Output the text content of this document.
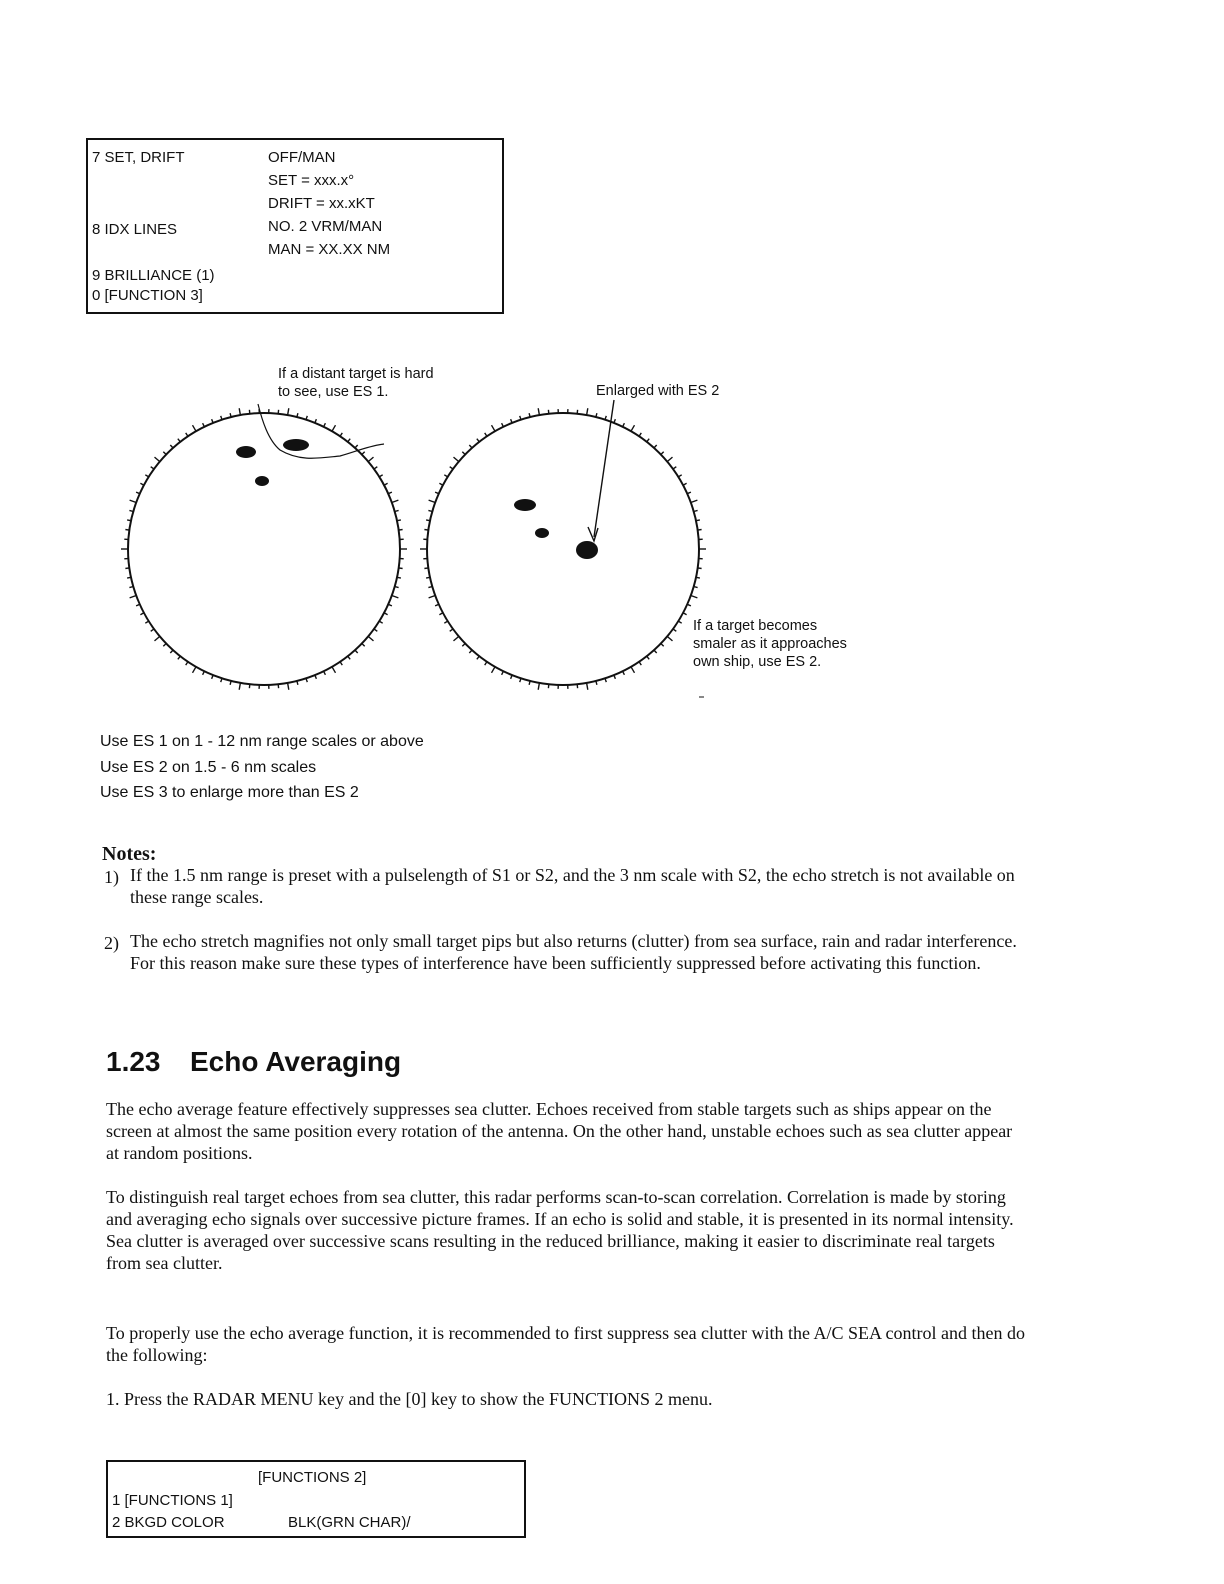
7 SET, DRIFT	OFF/MAN
SET = xxx.x°
DRIFT = xx.xKT
8 IDX LINES	NO. 2 VRM/MAN
MAN = XX.XX NM
9 BRILLIANCE (1)
0 [FUNCTION 3]
If a distant target is hard
to see, use ES 1.	Enlarged with ES 2
If a target becomes
smaler as it approaches
own ship, use ES 2.
Use ES 1 on 1 - 12 nm range scales or above
Use ES 2 on 1.5 - 6 nm scales
Use ES 3 to enlarge more than ES 2
Notes:
1) If the 1.5 nm range is preset with a pulselength of S1 or S2, and the 3 nm scale with S2, the echo stretch is not available on these range scales.
2) The echo stretch magnifies not only small target pips but also returns (clutter) from sea surface, rain and radar interference. For this reason make sure these types of interference have been sufficiently suppressed before activating this function.
1.23 Echo Averaging
The echo average feature effectively suppresses sea clutter. Echoes received from stable targets such as ships appear on the screen at almost the same position every rotation of the antenna. On the other hand, unstable echoes such as sea clutter appear at random positions.
To distinguish real target echoes from sea clutter, this radar performs scan-to-scan correlation. Correlation is made by storing and averaging echo signals over successive picture frames. If an echo is solid and stable, it is presented in its normal intensity. Sea clutter is averaged over successive scans resulting in the reduced brilliance, making it easier to discriminate real targets from sea clutter.
To properly use the echo average function, it is recommended to first suppress sea clutter with the A/C SEA control and then do the following:
1. Press the RADAR MENU key and the [0] key to show the FUNCTIONS 2 menu.
[FUNCTIONS 2]
1 [FUNCTIONS 1]
2 BKGD COLOR	BLK(GRN CHAR)/
